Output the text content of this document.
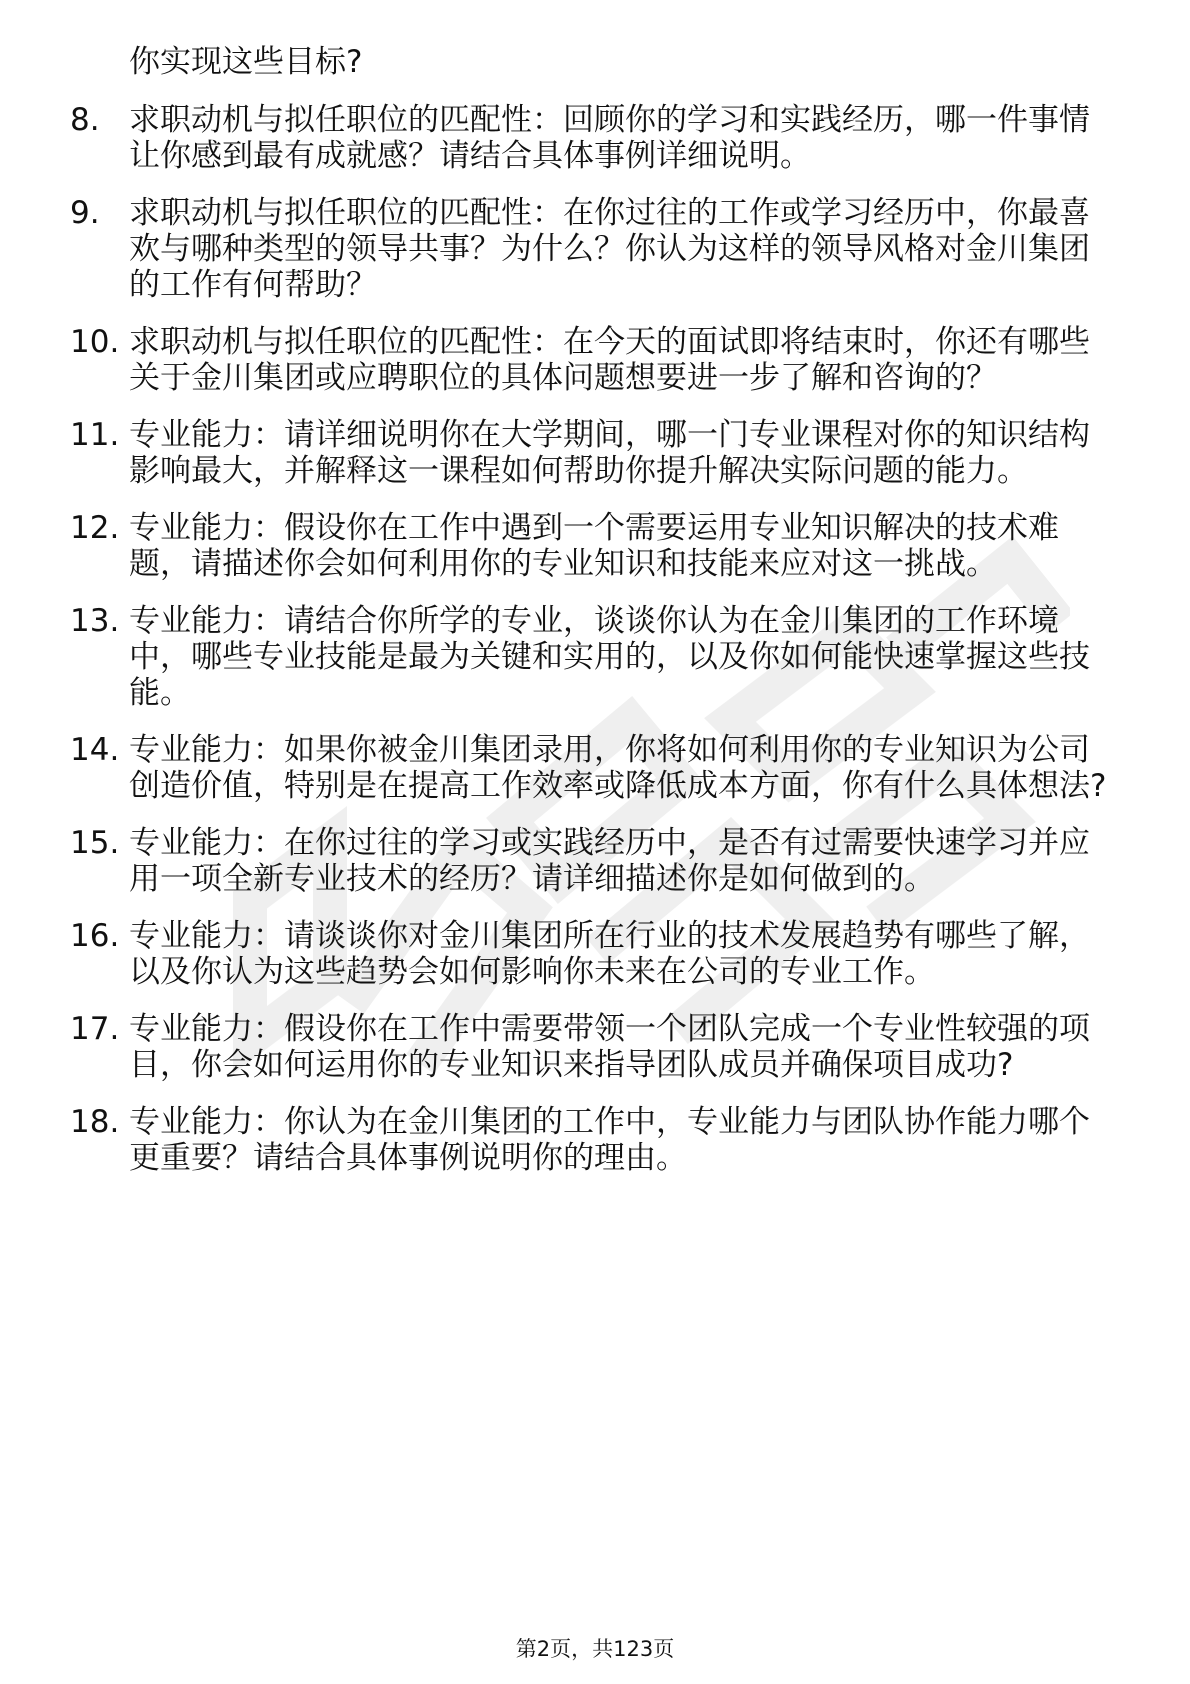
你实现这些目标?

8. 求职动机与拟任职位的匹配性：回顾你的学习和实践经历，哪一件事情让你感到最有成就感？请结合具体事例详细说明。
9. 求职动机与拟任职位的匹配性：在你过往的工作或学习经历中，你最喜欢与哪种类型的领导共事？为什么？你认为这样的领导风格对金川集团的工作有何帮助？
10. 求职动机与拟任职位的匹配性：在今天的面试即将结束时，你还有哪些关于金川集团或应聘职位的具体问题想要进一步了解和咨询的？
11. 专业能力：请详细说明你在大学期间，哪一门专业课程对你的知识结构影响最大，并解释这一课程如何帮助你提升解决实际问题的能力。
12. 专业能力：假设你在工作中遇到一个需要运用专业知识解决的技术难题，请描述你会如何利用你的专业知识和技能来应对这一挑战。
13. 专业能力：请结合你所学的专业，谈谈你认为在金川集团的工作环境中，哪些专业技能是最为关键和实用的，以及你如何能快速掌握这些技能。
14. 专业能力：如果你被金川集团录用，你将如何利用你的专业知识为公司创造价值，特别是在提高工作效率或降低成本方面，你有什么具体想法?
15. 专业能力：在你过往的学习或实践经历中，是否有过需要快速学习并应用一项全新专业技术的经历？请详细描述你是如何做到的。
16. 专业能力：请谈谈你对金川集团所在行业的技术发展趋势有哪些了解，以及你认为这些趋势会如何影响你未来在公司的专业工作。
17. 专业能力：假设你在工作中需要带领一个团队完成一个专业性较强的项目，你会如何运用你的专业知识来指导团队成员并确保项目成功?
18. 专业能力：你认为在金川集团的工作中，专业能力与团队协作能力哪个更重要？请结合具体事例说明你的理由。
第2页，共123页
